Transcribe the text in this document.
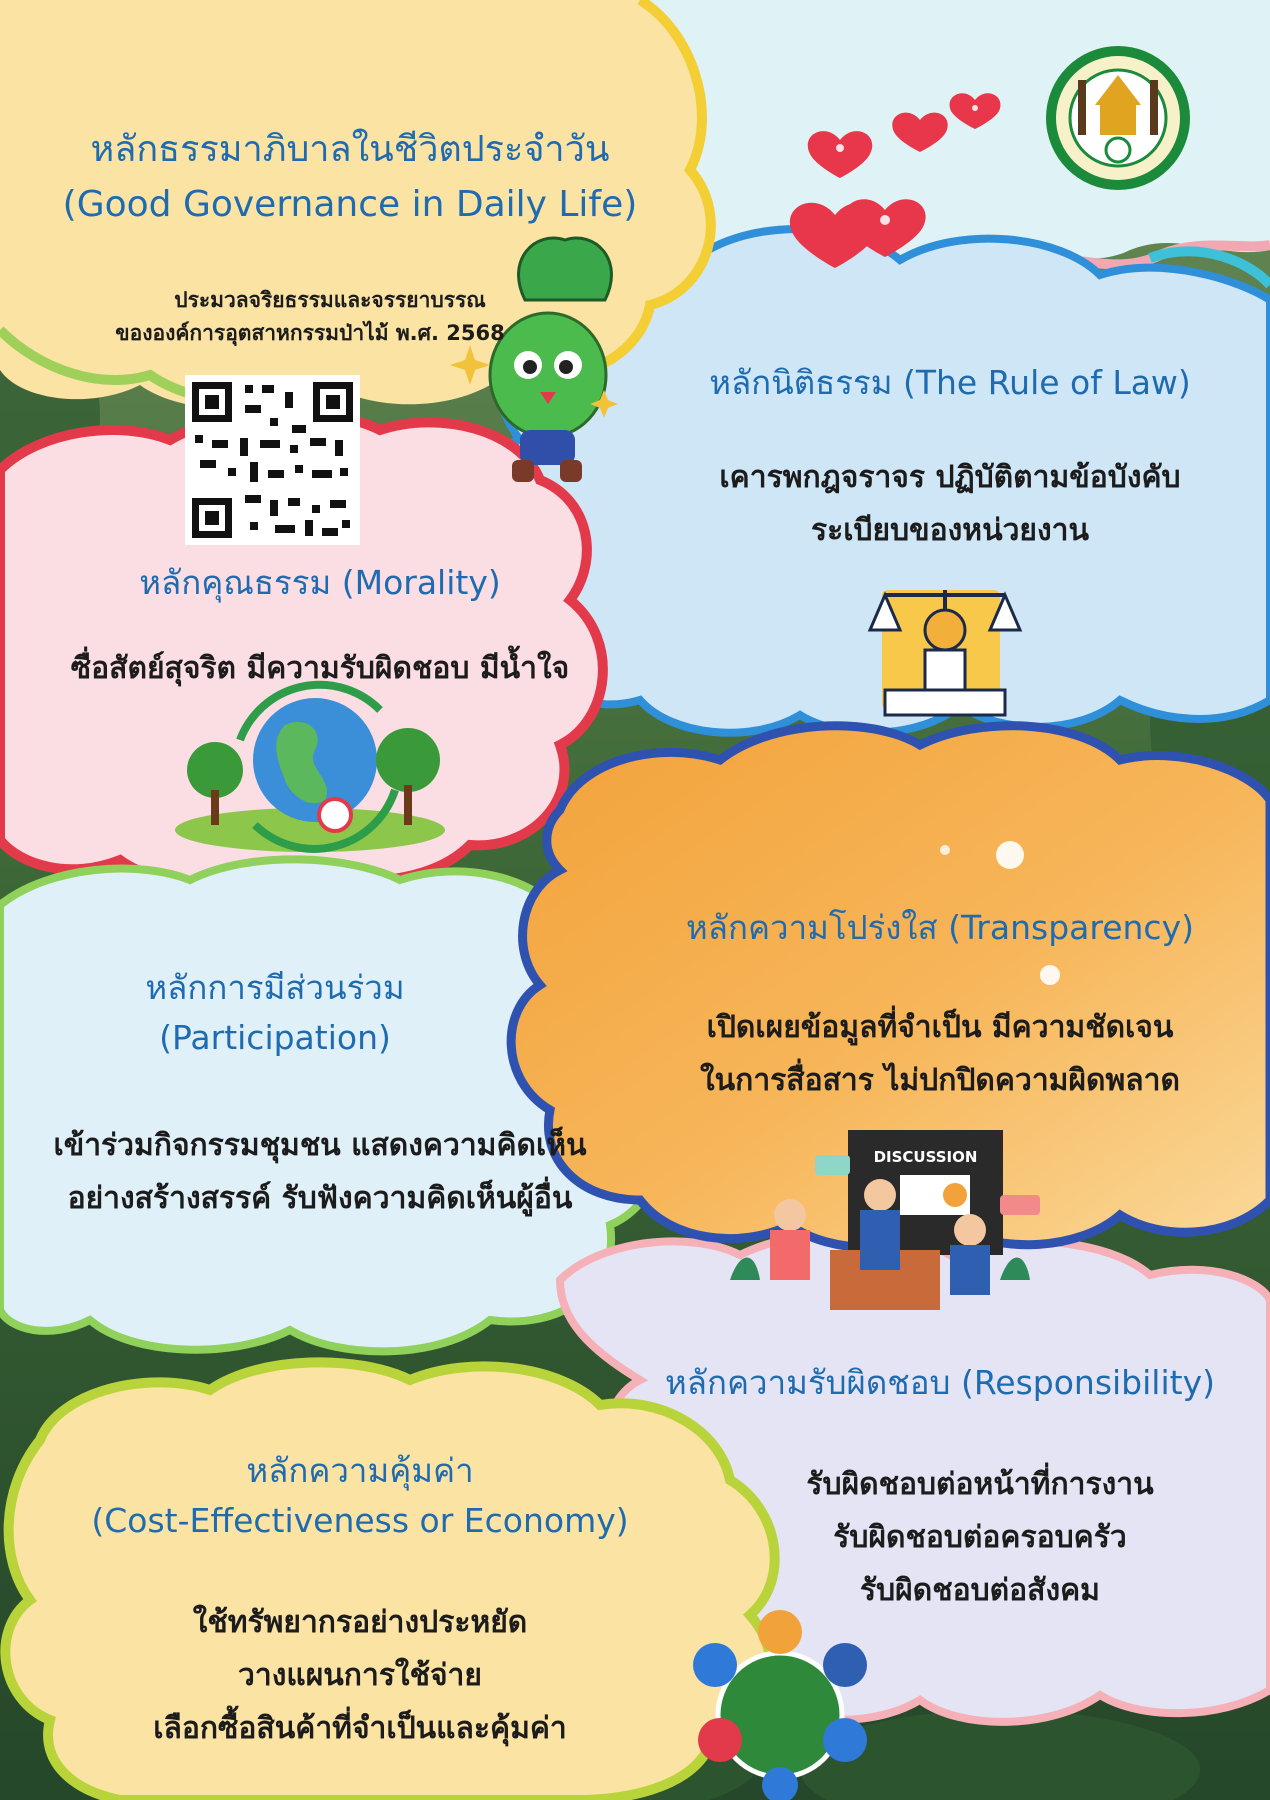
หลักธรรมาภิบาลในชีวิตประจำวัน
(Good Governance in Daily Life)
ประมวลจริยธรรมและจรรยาบรรณ
ขององค์การอุตสาหกรรมป่าไม้ พ.ศ. 2568
หลักนิติธรรม (The Rule of Law)
เคารพกฎจราจร ปฏิบัติตามข้อบังคับ
ระเบียบของหน่วยงาน
หลักคุณธรรม (Morality)
ซื่อสัตย์สุจริต มีความรับผิดชอบ มีน้ำใจ
หลักความโปร่งใส (Transparency)
เปิดเผยข้อมูลที่จำเป็น มีความชัดเจน
ในการสื่อสาร ไม่ปกปิดความผิดพลาด
DISCUSSION
หลักการมีส่วนร่วม
(Participation)
เข้าร่วมกิจกรรมชุมชน แสดงความคิดเห็น
อย่างสร้างสรรค์ รับฟังความคิดเห็นผู้อื่น
หลักความรับผิดชอบ (Responsibility)
รับผิดชอบต่อหน้าที่การงาน
รับผิดชอบต่อครอบครัว
รับผิดชอบต่อสังคม
หลักความคุ้มค่า
(Cost-Effectiveness or Economy)
ใช้ทรัพยากรอย่างประหยัด
วางแผนการใช้จ่าย
เลือกซื้อสินค้าที่จำเป็นและคุ้มค่า
